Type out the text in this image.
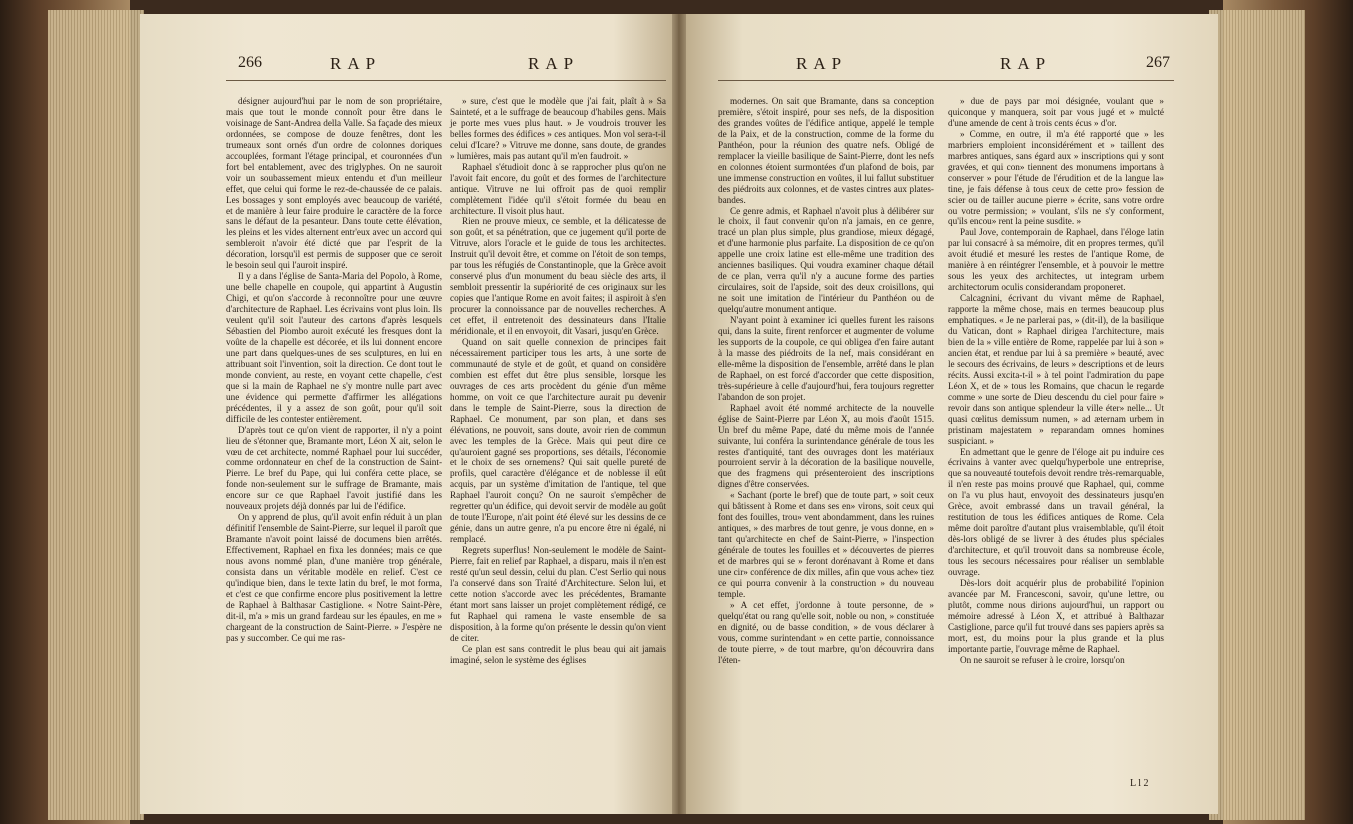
266	RAP	RAP

désigner aujourd'hui par le nom de son propriétaire, mais que tout le monde connoît pour être dans le voisinage de Sant-Andrea della Valle. Sa façade des mieux ordonnées, se compose de douze fenêtres, dont les trumeaux sont ornés d'un ordre de colonnes doriques accouplées, formant l'étage principal, et couronnées d'un fort bel entablement, avec des triglyphes. On ne sauroit voir un soubassement mieux entendu et d'un meilleur effet, que celui qui forme le rez-de-chaussée de ce palais. Les bossages y sont employés avec beaucoup de variété, et de manière à leur faire produire le caractère de la force sans le défaut de la pesanteur. Dans toute cette élévation, les pleins et les vides alternent entr'eux avec un accord qui sembleroit n'avoir été dicté que par l'esprit de la décoration, lorsqu'il est permis de supposer que ce seroit le besoin seul qui l'auroit inspiré.

Il y a dans l'église de Santa-Maria del Popolo, à Rome, une belle chapelle en coupole, qui appartint à Augustin Chigi, et qu'on s'accorde à reconnoître pour une œuvre d'architecture de Raphael. Les écrivains vont plus loin. Ils veulent qu'il soit l'auteur des cartons d'après lesquels Sébastien del Piombo auroit exécuté les fresques dont la voûte de la chapelle est décorée, et ils lui donnent encore une part dans quelques-unes de ses sculptures, en lui en attribuant soit l'invention, soit la direction. Ce dont tout le monde convient, au reste, en voyant cette chapelle, c'est que si la main de Raphael ne s'y montre nulle part avec une évidence qui permette d'affirmer les allégations précédentes, il y a assez de son goût, pour qu'il soit difficile de les contester entièrement.

D'après tout ce qu'on vient de rapporter, il n'y a point lieu de s'étonner que, Bramante mort, Léon X ait, selon le vœu de cet architecte, nommé Raphael pour lui succéder, comme ordonnateur en chef de la construction de Saint-Pierre. Le bref du Pape, qui lui conféra cette place, se fonde non-seulement sur le suffrage de Bramante, mais encore sur ce que Raphael l'avoit justifié dans les nouveaux projets déjà donnés par lui de l'édifice.

On y apprend de plus, qu'il avoit enfin réduit à un plan définitif l'ensemble de Saint-Pierre, sur lequel il paroît que Bramante n'avoit point laissé de documens bien arrêtés. Effectivement, Raphael en fixa les données; mais ce que nous avons nommé plan, d'une manière trop générale, consista dans un véritable modèle en relief. C'est ce qu'indique bien, dans le texte latin du bref, le mot forma, et c'est ce que confirme encore plus positivement la lettre de Raphael à Balthasar Castiglione. « Notre Saint-Père, dit-il, m'a » mis un grand fardeau sur les épaules, en me » chargeant de la construction de Saint-Pierre. » J'espère ne pas y succomber. Ce qui me ras-

» sure, c'est que le modèle que j'ai fait, plaît à » Sa Sainteté, et a le suffrage de beaucoup d'habiles gens. Mais je porte mes vues plus haut. » Je voudrois trouver les belles formes des édifices » ces antiques. Mon vol sera-t-il celui d'Icare? » Vitruve me donne, sans doute, de grandes » lumières, mais pas autant qu'il m'en faudroit. »

Raphael s'étudioit donc à se rapprocher plus qu'on ne l'avoit fait encore, du goût et des formes de l'architecture antique. Vitruve ne lui offroit pas de quoi remplir complètement l'idée qu'il s'étoit formée du beau en architecture. Il visoit plus haut.

Rien ne prouve mieux, ce semble, et la délicatesse de son goût, et sa pénétration, que ce jugement qu'il porte de Vitruve, alors l'oracle et le guide de tous les architectes. Instruit qu'il devoit être, et comme on l'étoit de son temps, par tous les réfugiés de Constantinople, que la Grèce avoit conservé plus d'un monument du beau siècle des arts, il sembloit pressentir la supériorité de ces originaux sur les copies que l'antique Rome en avoit faites; il aspiroit à s'en procurer la connoissance par de nouvelles recherches. A cet effet, il entretenoit des dessinateurs dans l'Italie méridionale, et il en envoyoit, dit Vasari, jusqu'en Grèce.

Quand on sait quelle connexion de principes fait nécessairement participer tous les arts, à une sorte de communauté de style et de goût, et quand on considère combien est effet dut être plus sensible, lorsque les ouvrages de ces arts procèdent du génie d'un même homme, on voit ce que l'architecture aurait pu devenir dans le temple de Saint-Pierre, sous la direction de Raphael. Ce monument, par son plan, et dans ses élévations, ne pouvoit, sans doute, avoir rien de commun avec les temples de la Grèce. Mais qui peut dire ce qu'auroient gagné ses proportions, ses détails, l'économie et le choix de ses ornemens? Qui sait quelle pureté de profils, quel caractère d'élégance et de noblesse il eût acquis, par un système d'imitation de l'antique, tel que Raphael l'auroit conçu? On ne sauroit s'empêcher de regretter qu'un édifice, qui devoit servir de modèle au goût de toute l'Europe, n'ait point été élevé sur les dessins de ce génie, dans un autre genre, n'a pu encore être ni égalé, ni remplacé.

Regrets superflus! Non-seulement le modèle de Saint-Pierre, fait en relief par Raphael, a disparu, mais il n'en est resté qu'un seul dessin, celui du plan. C'est Serlio qui nous l'a conservé dans son Traité d'Architecture. Selon lui, et cette notion s'accorde avec les précédentes, Bramante étant mort sans laisser un projet complètement rédigé, ce fut Raphael qui ramena le vaste ensemble de sa disposition, à la forme qu'on présente le dessin qu'on vient de citer.

Ce plan est sans contredit le plus beau qui ait jamais imaginé, selon le système des églises

RAP	RAP	267

modernes. On sait que Bramante, dans sa conception première, s'étoit inspiré, pour ses nefs, de la disposition des grandes voûtes de l'édifice antique, appelé le temple de la Paix, et de la construction, comme de la forme du Panthéon, pour la réunion des quatre nefs. Obligé de remplacer la vieille basilique de Saint-Pierre, dont les nefs en colonnes étoient surmontées d'un plafond de bois, par une immense construction en voûtes, il lui fallut substituer des piédroits aux colonnes, et de vastes cintres aux plates-bandes.

Ce genre admis, et Raphael n'avoit plus à délibérer sur le choix, il faut convenir qu'on n'a jamais, en ce genre, tracé un plan plus simple, plus grandiose, mieux dégagé, et d'une harmonie plus parfaite. La disposition de ce qu'on appelle une croix latine est elle-même une tradition des anciennes basiliques. Qui voudra examiner chaque détail de ce plan, verra qu'il n'y a aucune forme des parties circulaires, soit de l'apside, soit des deux croisillons, qui ne soit une imitation de l'intérieur du Panthéon ou de quelqu'autre monument antique.

N'ayant point à examiner ici quelles furent les raisons qui, dans la suite, firent renforcer et augmenter de volume les supports de la coupole, ce qui obligea d'en faire autant à la masse des piédroits de la nef, mais considérant en elle-même la disposition de l'ensemble, arrêté dans le plan de Raphael, on est forcé d'accorder que cette disposition, très-supérieure à celle d'aujourd'hui, fera toujours regretter l'abandon de son projet.

Raphael avoit été nommé architecte de la nouvelle église de Saint-Pierre par Léon X, au mois d'août 1515. Un bref du même Pape, daté du même mois de l'année suivante, lui conféra la surintendance générale de tous les restes d'antiquité, tant des ouvrages dont les matériaux pourroient servir à la décoration de la basilique nouvelle, que des fragmens qui présenteroient des inscriptions dignes d'être conservées.

« Sachant (porte le bref) que de toute part, » soit ceux qui bâtissent à Rome et dans ses en» virons, soit ceux qui font des fouilles, trou» vent abondamment, dans les ruines antiques, » des marbres de tout genre, je vous donne, en » tant qu'architecte en chef de Saint-Pierre, » l'inspection générale de toutes les fouilles et » découvertes de pierres et de marbres qui se » feront dorénavant à Rome et dans une cir» conférence de dix milles, afin que vous ache» tiez ce qui pourra convenir à la construction » du nouveau temple.

» A cet effet, j'ordonne à toute personne, de » quelqu'état ou rang qu'elle soit, noble ou non, » constituée en dignité, ou de basse condition, » de vous déclarer à vous, comme surintendant » en cette partie, connoissance de toute pierre, » de tout marbre, qu'on découvrira dans l'éten-

» due de pays par moi désignée, voulant que » quiconque y manquera, soit par vous jugé et » mulcté d'une amende de cent à trois cents écus » d'or.

» Comme, en outre, il m'a été rapporté que » les marbriers emploient inconsidérément et » taillent des marbres antiques, sans égard aux » inscriptions qui y sont gravées, et qui con» tiennent des monumens importans à conserver » pour l'étude de l'érudition et de la langue la» tine, je fais défense à tous ceux de cette pro» fession de scier ou de tailler aucune pierre » écrite, sans votre ordre ou votre permission; » voulant, s'ils ne s'y conforment, qu'ils encou» rent la peine susdite. »

Paul Jove, contemporain de Raphael, dans l'éloge latin par lui consacré à sa mémoire, dit en propres termes, qu'il avoit étudié et mesuré les restes de l'antique Rome, de manière à en réintégrer l'ensemble, et à pouvoir le mettre sous les yeux des architectes, ut integram urbem architectorum oculis considerandam proponeret.

Calcagnini, écrivant du vivant même de Raphael, rapporte la même chose, mais en termes beaucoup plus emphatiques. « Je ne parlerai pas, » (dit-il), de la basilique du Vatican, dont » Raphael dirigea l'architecture, mais bien de la » ville entière de Rome, rappelée par lui à son » ancien état, et rendue par lui à sa première » beauté, avec le secours des écrivains, de leurs » descriptions et de leurs récits. Aussi excita-t-il » à tel point l'admiration du pape Léon X, et de » tous les Romains, que chacun le regarde comme » une sorte de Dieu descendu du ciel pour faire » revoir dans son antique splendeur la ville éter» nelle... Ut quasi cœlitus demissum numen, » ad æternam urbem in pristinam majestatem » reparandam omnes homines suspiciant. »

En admettant que le genre de l'éloge ait pu induire ces écrivains à vanter avec quelqu'hyperbole une entreprise, que sa nouveauté toutefois devoit rendre très-remarquable, il n'en reste pas moins prouvé que Raphael, qui, comme on l'a vu plus haut, envoyoit des dessinateurs jusqu'en Grèce, avoit embrassé dans un travail général, la restitution de tous les édifices antiques de Rome. Cela même doit paroître d'autant plus vraisemblable, qu'il étoit dès-lors obligé de se livrer à des études plus spéciales d'architecture, et qu'il trouvoit dans sa nombreuse école, tous les secours nécessaires pour réaliser un semblable ouvrage.

Dès-lors doit acquérir plus de probabilité l'opinion avancée par M. Francesconi, savoir, qu'une lettre, ou plutôt, comme nous dirions aujourd'hui, un rapport ou mémoire adressé à Léon X, et attribué à Balthazar Castiglione, parce qu'il fut trouvé dans ses papiers après sa mort, est, du moins pour la plus grande et la plus importante partie, l'ouvrage même de Raphael.

On ne sauroit se refuser à le croire, lorsqu'on

L l 2
